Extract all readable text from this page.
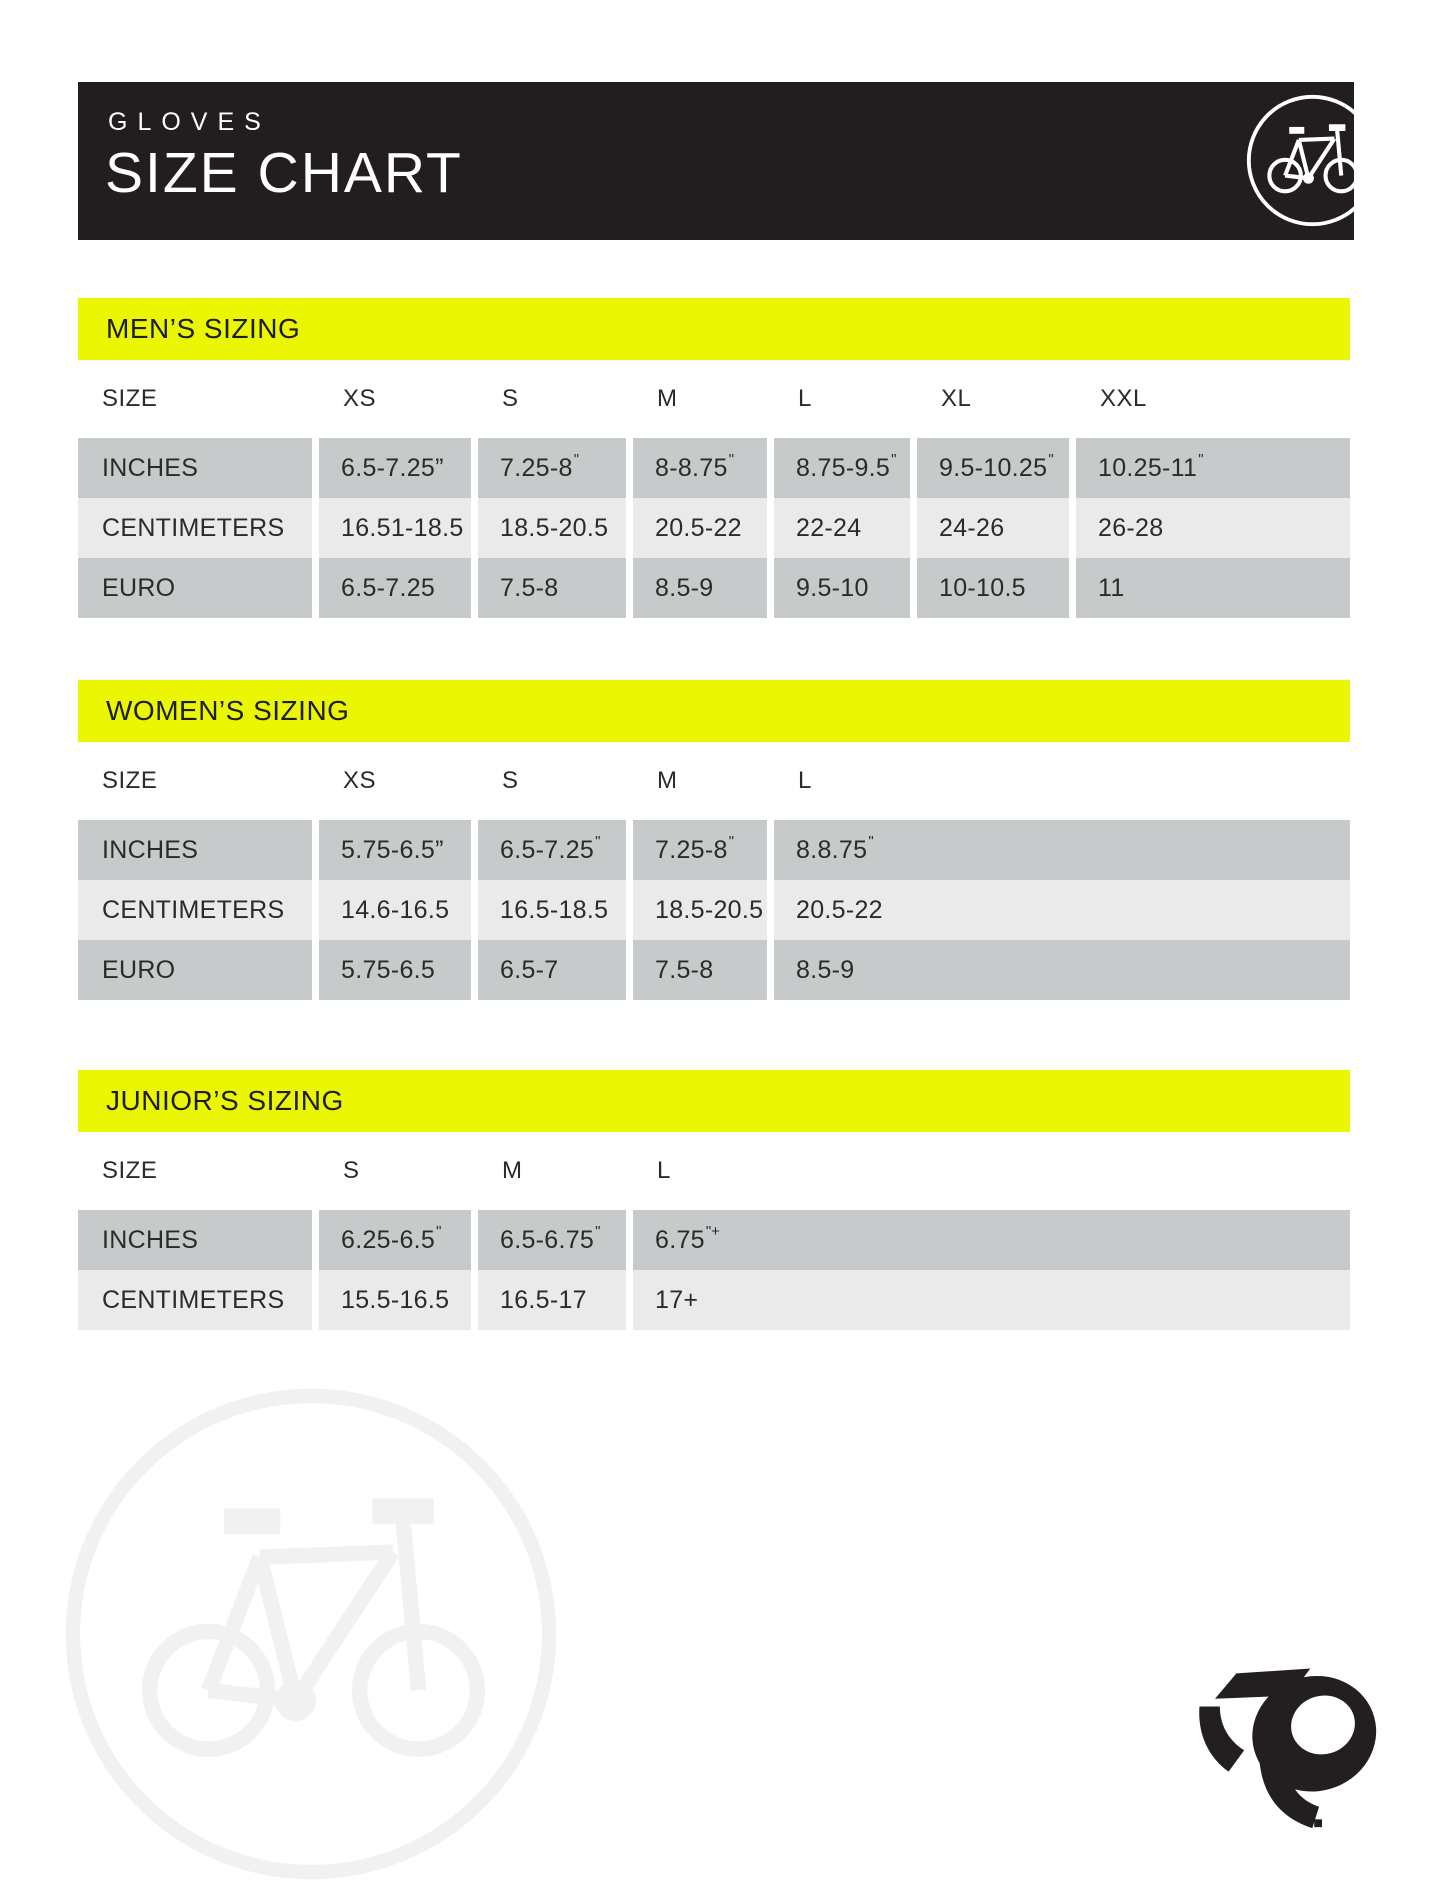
GLOVES
SIZE CHART
MEN’S SIZING
SIZE	XS	S	M	L	XL	XXL
INCHES	6.5-7.25”	7.25-8 "	8-8.75 "	8.75-9.5 "	9.5-10.25 "	10.25-11 "
CENTIMETERS	16.51-18.5	18.5-20.5	20.5-22	22-24	24-26	26-28
EURO	6.5-7.25	7.5-8	8.5-9	9.5-10	10-10.5	11
WOMEN’S SIZING
SIZE	XS	S	M	L
INCHES	5.75-6.5”	6.5-7.25 "	7.25-8 "	8.8.75 "
CENTIMETERS	14.6-16.5	16.5-18.5	18.5-20.5	20.5-22
EURO	5.75-6.5	6.5-7	7.5-8	8.5-9
JUNIOR’S SIZING
SIZE	S	M	L
INCHES	6.25-6.5 "	6.5-6.75 "	6.75 "+
CENTIMETERS	15.5-16.5	16.5-17	17+
